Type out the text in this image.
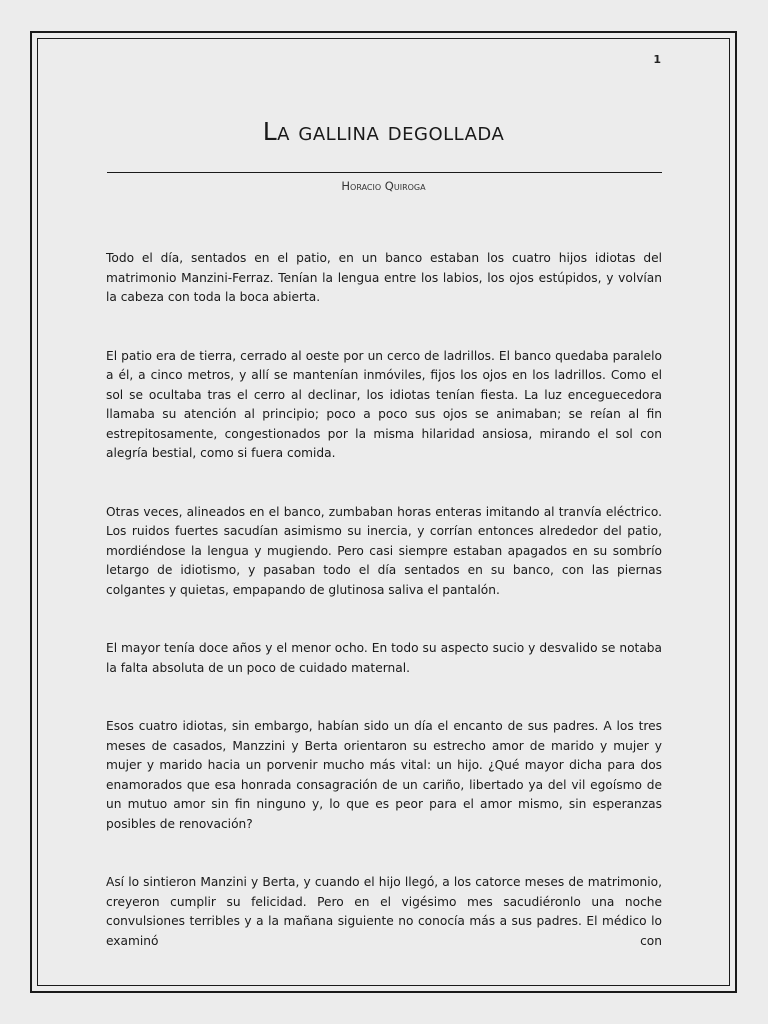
1
La gallina degollada
Horacio Quiroga

Todo el día, sentados en el patio, en un banco estaban los cuatro hijos idiotas del matrimonio Manzini-Ferraz. Tenían la lengua entre los labios, los ojos estúpidos, y volvían la cabeza con toda la boca abierta.

El patio era de tierra, cerrado al oeste por un cerco de ladrillos. El banco quedaba paralelo a él, a cinco metros, y allí se mantenían inmóviles, fijos los ojos en los ladrillos. Como el sol se ocultaba tras el cerro al declinar, los idiotas tenían fiesta. La luz enceguecedora llamaba su atención al principio; poco a poco sus ojos se animaban; se reían al fin estrepitosamente, congestionados por la misma hilaridad ansiosa, mirando el sol con alegría bestial, como si fuera comida.

Otras veces, alineados en el banco, zumbaban horas enteras imitando al tranvía eléctrico. Los ruidos fuertes sacudían asimismo su inercia, y corrían entonces alrededor del patio, mordiéndose la lengua y mugiendo. Pero casi siempre estaban apagados en su sombrío letargo de idiotismo, y pasaban todo el día sentados en su banco, con las piernas colgantes y quietas, empapando de glutinosa saliva el pantalón.

El mayor tenía doce años y el menor ocho. En todo su aspecto sucio y desvalido se notaba la falta absoluta de un poco de cuidado maternal.

Esos cuatro idiotas, sin embargo, habían sido un día el encanto de sus padres. A los tres meses de casados, Manzzini y Berta orientaron su estrecho amor de marido y mujer y mujer y marido hacia un porvenir mucho más vital: un hijo. ¿Qué mayor dicha para dos enamorados que esa honrada consagración de un cariño, libertado ya del vil egoísmo de un mutuo amor sin fin ninguno y, lo que es peor para el amor mismo, sin esperanzas posibles de renovación?

Así lo sintieron Manzini y Berta, y cuando el hijo llegó, a los catorce meses de matrimonio, creyeron cumplir su felicidad. Pero en el vigésimo mes sacudiéronlo una noche convulsiones terribles y a la mañana siguiente no conocía más a sus padres. El médico lo examinó con
